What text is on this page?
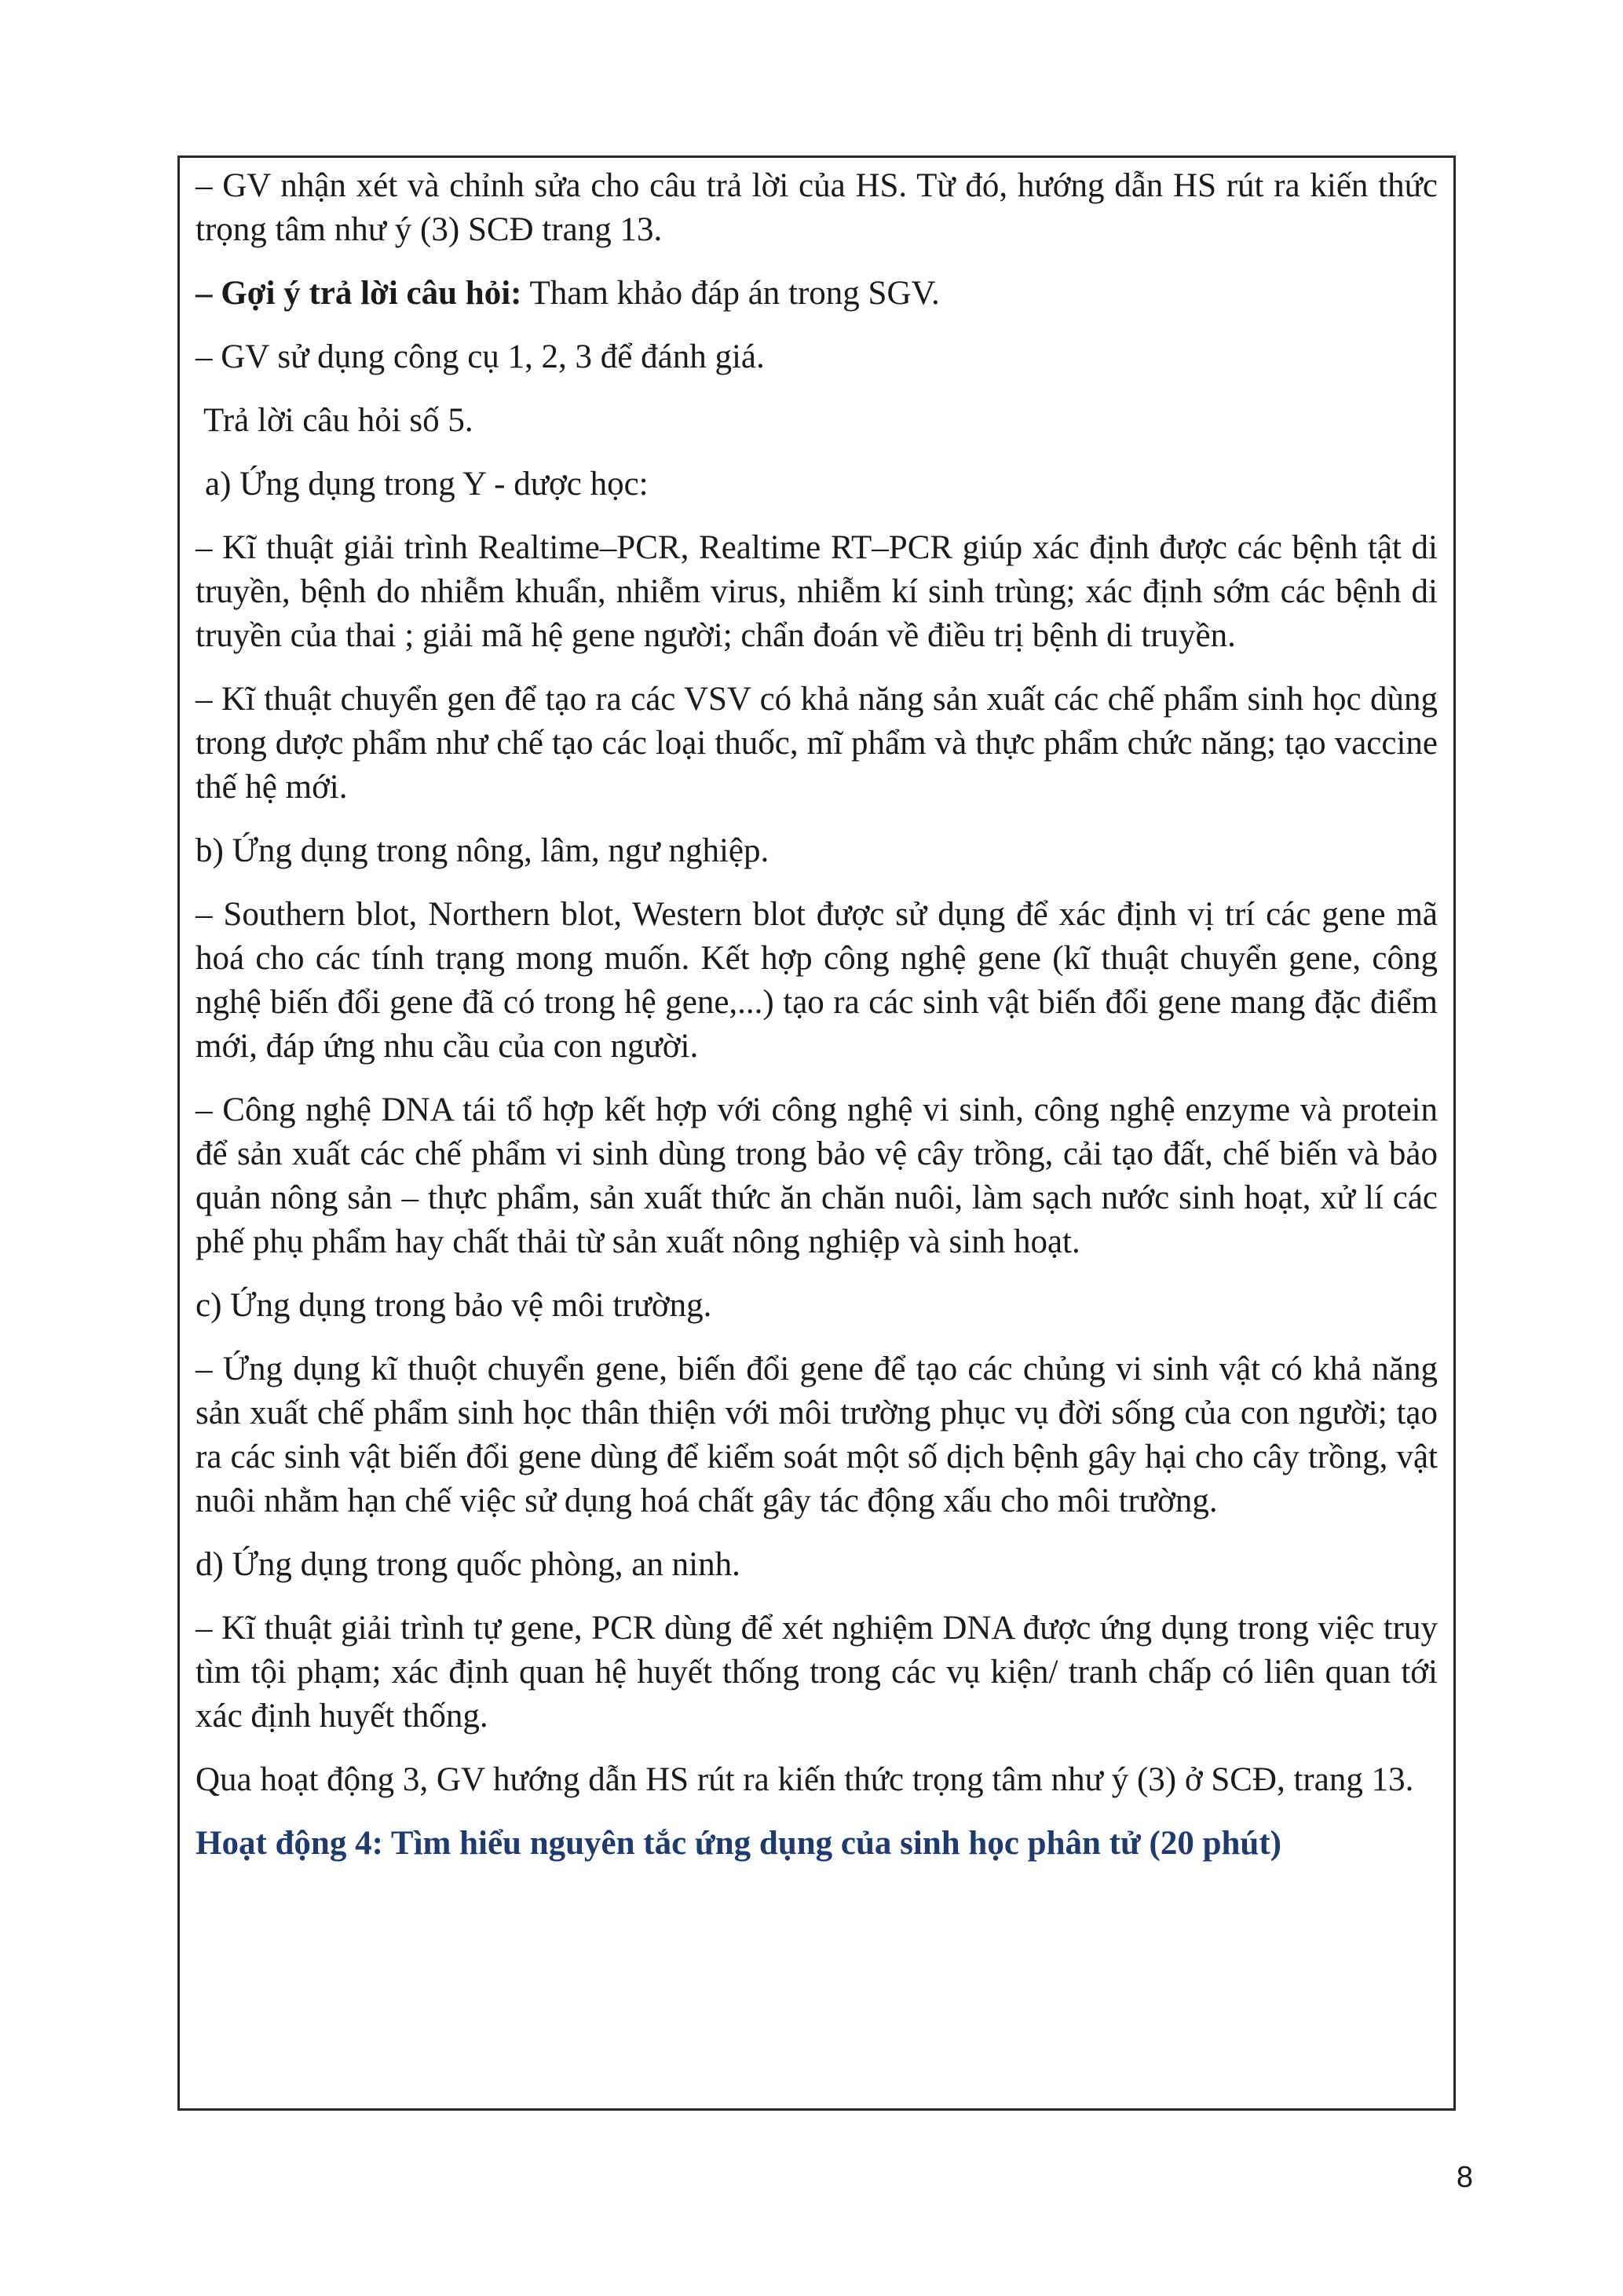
– GV nhận xét và chỉnh sửa cho câu trả lời của HS. Từ đó, hướng dẫn HS rút ra kiến thức trọng tâm như ý (3) SCĐ trang 13.

– Gợi ý trả lời câu hỏi: Tham khảo đáp án trong SGV.

– GV sử dụng công cụ 1, 2, 3 để đánh giá.

Trả lời câu hỏi số 5.

a) Ứng dụng trong Y - dược học:

– Kĩ thuật giải trình Realtime–PCR, Realtime RT–PCR giúp xác định được các bệnh tật di truyền, bệnh do nhiễm khuẩn, nhiễm virus, nhiễm kí sinh trùng; xác định sớm các bệnh di truyền của thai ; giải mã hệ gene người; chẩn đoán về điều trị bệnh di truyền.

– Kĩ thuật chuyển gen để tạo ra các VSV có khả năng sản xuất các chế phẩm sinh học dùng trong dược phẩm như chế tạo các loại thuốc, mĩ phẩm và thực phẩm chức năng; tạo vaccine thế hệ mới.

b) Ứng dụng trong nông, lâm, ngư nghiệp.

– Southern blot, Northern blot, Western blot được sử dụng để xác định vị trí các gene mã hoá cho các tính trạng mong muốn. Kết hợp công nghệ gene (kĩ thuật chuyển gene, công nghệ biến đổi gene đã có trong hệ gene,...) tạo ra các sinh vật biến đổi gene mang đặc điểm mới, đáp ứng nhu cầu của con người.

– Công nghệ DNA tái tổ hợp kết hợp với công nghệ vi sinh, công nghệ enzyme và protein để sản xuất các chế phẩm vi sinh dùng trong bảo vệ cây trồng, cải tạo đất, chế biến và bảo quản nông sản – thực phẩm, sản xuất thức ăn chăn nuôi, làm sạch nước sinh hoạt, xử lí các phế phụ phẩm hay chất thải từ sản xuất nông nghiệp và sinh hoạt.

c) Ứng dụng trong bảo vệ môi trường.

– Ứng dụng kĩ thuột chuyển gene, biến đổi gene để tạo các chủng vi sinh vật có khả năng sản xuất chế phẩm sinh học thân thiện với môi trường phục vụ đời sống của con người; tạo ra các sinh vật biến đổi gene dùng để kiểm soát một số dịch bệnh gây hại cho cây trồng, vật nuôi nhằm hạn chế việc sử dụng hoá chất gây tác động xấu cho môi trường.

d) Ứng dụng trong quốc phòng, an ninh.

– Kĩ thuật giải trình tự gene, PCR dùng để xét nghiệm DNA được ứng dụng trong việc truy tìm tội phạm; xác định quan hệ huyết thống trong các vụ kiện/ tranh chấp có liên quan tới xác định huyết thống.

Qua hoạt động 3, GV hướng dẫn HS rút ra kiến thức trọng tâm như ý (3) ở SCĐ, trang 13.

Hoạt động 4: Tìm hiểu nguyên tắc ứng dụng của sinh học phân tử (20 phút)

8
